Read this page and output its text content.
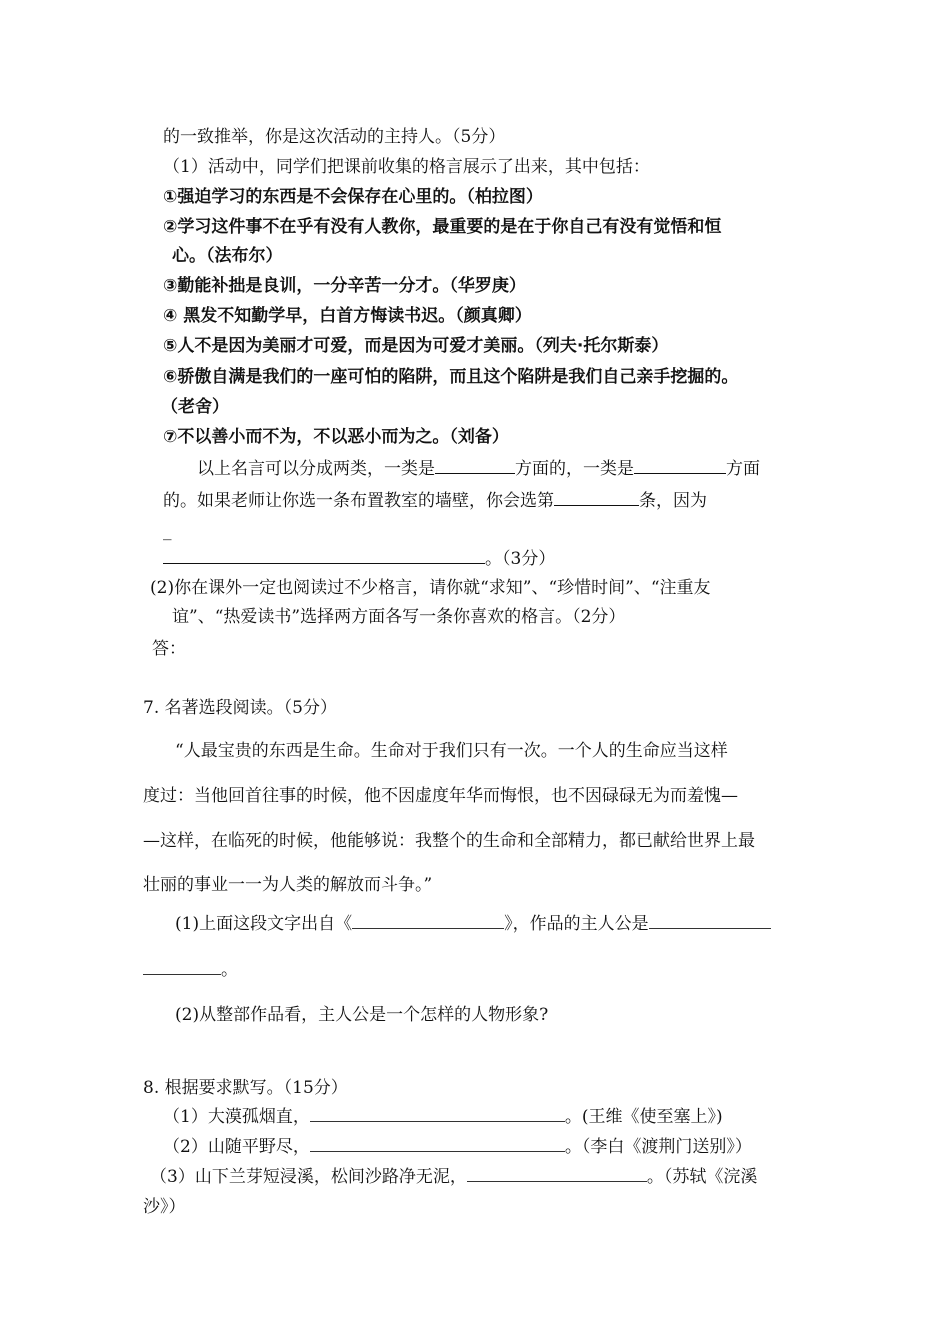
的一致推举，你是这次活动的主持人。（5分）
（1）活动中，同学们把课前收集的格言展示了出来，其中包括：
①强迫学习的东西是不会保存在心里的。（柏拉图）
②学习这件事不在乎有没有人教你，最重要的是在于你自己有没有觉悟和恒
心。（法布尔）
③勤能补拙是良训，一分辛苦一分才。（华罗庚）
④ 黑发不知勤学早，白首方悔读书迟。（颜真卿）
⑤人不是因为美丽才可爱，而是因为可爱才美丽。（列夫·托尔斯泰）
⑥骄傲自满是我们的一座可怕的陷阱，而且这个陷阱是我们自己亲手挖掘的。
（老舍）
⑦不以善小而不为，不以恶小而为之。（刘备）
以上名言可以分成两类，一类是	方面的，一类是	方面
的。如果老师让你选一条布置教室的墙壁，你会选第	条，因为
_
。（3分）
(2)你在课外一定也阅读过不少格言，请你就“求知”、“珍惜时间”、“注重友
谊”、“热爱读书”选择两方面各写一条你喜欢的格言。（2分）
答：
7. 名著选段阅读。（5分）
“人最宝贵的东西是生命。生命对于我们只有一次。一个人的生命应当这样
度过：当他回首往事的时候，他不因虚度年华而悔恨，也不因碌碌无为而羞愧—
—这样，在临死的时候，他能够说：我整个的生命和全部精力，都已献给世界上最
壮丽的事业一一为人类的解放而斗争。”
(1)上面这段文字出自《	》，作品的主人公是
。
(2)从整部作品看，主人公是一个怎样的人物形象?
8. 根据要求默写。（15分）
（1）大漠孤烟直，	。(王维《使至塞上》)
（2）山随平野尽，	。（李白《渡荆门送别》）
（3）山下兰芽短浸溪，松间沙路净无泥，	。（苏轼《浣溪
沙》）
